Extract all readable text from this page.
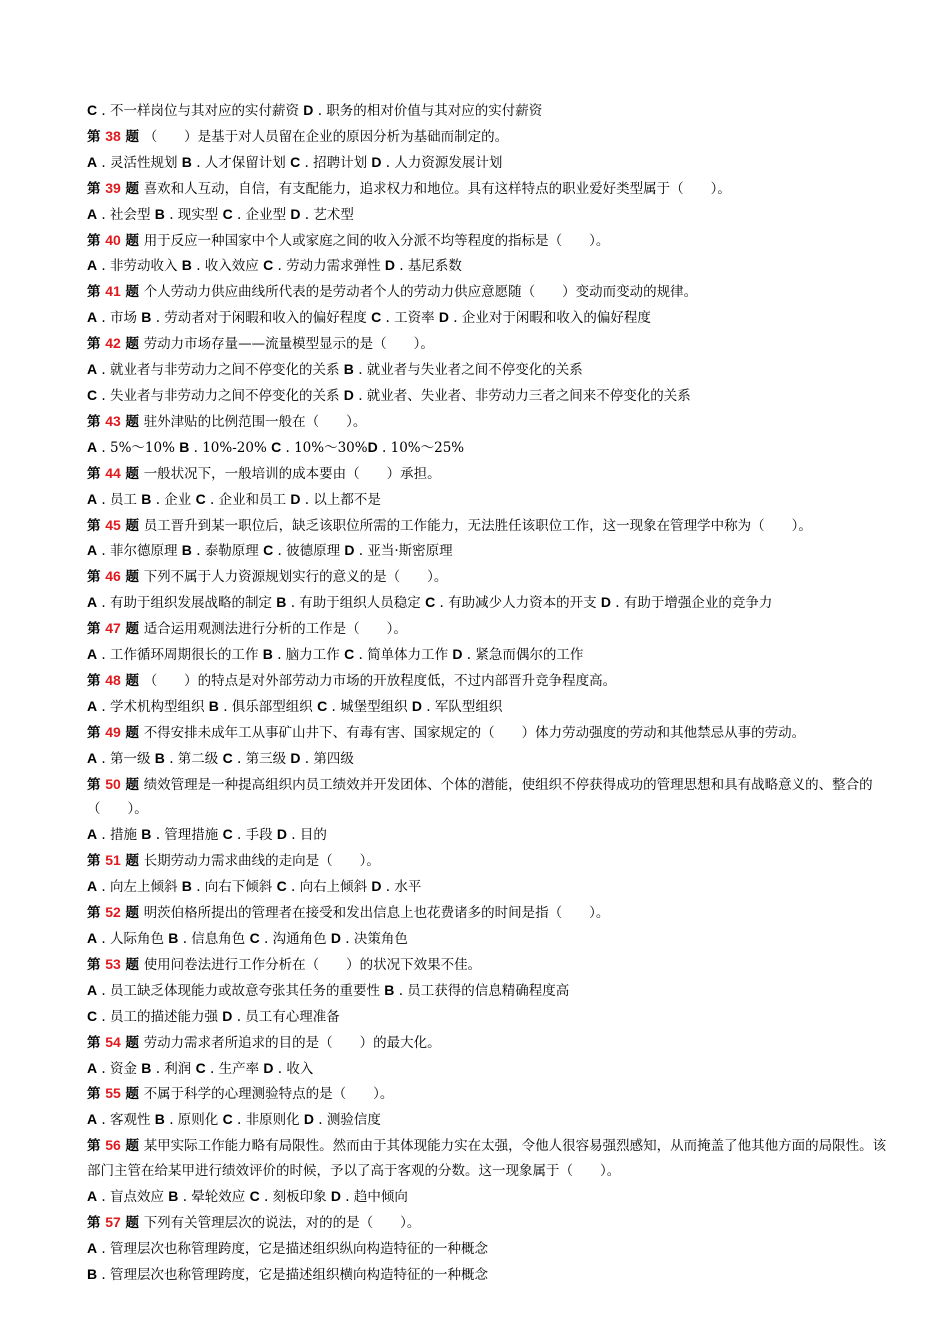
C . 不一样岗位与其对应的实付薪资 D . 职务的相对价值与其对应的实付薪资
第 38 题 （　　）是基于对人员留在企业的原因分析为基础而制定的。
A . 灵活性规划 B . 人才保留计划 C . 招聘计划 D . 人力资源发展计划
第 39 题 喜欢和人互动，自信，有支配能力，追求权力和地位。具有这样特点的职业爱好类型属于（　　）。
A . 社会型 B . 现实型 C . 企业型 D . 艺术型
第 40 题 用于反应一种国家中个人或家庭之间的收入分派不均等程度的指标是（　　）。
A . 非劳动收入 B . 收入效应 C . 劳动力需求弹性 D . 基尼系数
第 41 题 个人劳动力供应曲线所代表的是劳动者个人的劳动力供应意愿随（　　）变动而变动的规律。
A . 市场 B . 劳动者对于闲暇和收入的偏好程度 C . 工资率 D . 企业对于闲暇和收入的偏好程度
第 42 题 劳动力市场存量——流量模型显示的是（　　）。
A . 就业者与非劳动力之间不停变化的关系 B . 就业者与失业者之间不停变化的关系
C . 失业者与非劳动力之间不停变化的关系 D . 就业者、失业者、非劳动力三者之间来不停变化的关系
第 43 题 驻外津贴的比例范围一般在（　　）。
A . 5%～10% B . 10%-20% C . 10%～30%D . 10%～25%
第 44 题 一般状况下，一般培训的成本要由（　　）承担。
A . 员工 B . 企业 C . 企业和员工 D . 以上都不是
第 45 题 员工晋升到某一职位后，缺乏该职位所需的工作能力，无法胜任该职位工作，这一现象在管理学中称为（　　）。
A . 菲尔德原理 B . 泰勒原理 C . 彼德原理 D . 亚当·斯密原理
第 46 题 下列不属于人力资源规划实行的意义的是（　　）。
A . 有助于组织发展战略的制定 B . 有助于组织人员稳定 C . 有助减少人力资本的开支 D . 有助于增强企业的竞争力
第 47 题 适合运用观测法进行分析的工作是（　　）。
A . 工作循环周期很长的工作 B . 脑力工作 C . 简单体力工作 D . 紧急而偶尔的工作
第 48 题 （　　）的特点是对外部劳动力市场的开放程度低，不过内部晋升竞争程度高。
A . 学术机构型组织 B . 俱乐部型组织 C . 城堡型组织 D . 军队型组织
第 49 题 不得安排未成年工从事矿山井下、有毒有害、国家规定的（　　）体力劳动强度的劳动和其他禁忌从事的劳动。
A . 第一级 B . 第二级 C . 第三级 D . 第四级
第 50 题 绩效管理是一种提高组织内员工绩效并开发团体、个体的潜能，使组织不停获得成功的管理思想和具有战略意义的、整合的（　　）。
A . 措施 B . 管理措施 C . 手段 D . 目的
第 51 题 长期劳动力需求曲线的走向是（　　）。
A . 向左上倾斜 B . 向右下倾斜 C . 向右上倾斜 D . 水平
第 52 题 明茨伯格所提出的管理者在接受和发出信息上也花费诸多的时间是指（　　）。
A . 人际角色 B . 信息角色 C . 沟通角色 D . 决策角色
第 53 题 使用问卷法进行工作分析在（　　）的状况下效果不佳。
A . 员工缺乏体现能力或故意夸张其任务的重要性 B . 员工获得的信息精确程度高
C . 员工的描述能力强 D . 员工有心理准备
第 54 题 劳动力需求者所追求的目的是（　　）的最大化。
A . 资金 B . 利润 C . 生产率 D . 收入
第 55 题 不属于科学的心理测验特点的是（　　）。
A . 客观性 B . 原则化 C . 非原则化 D . 测验信度
第 56 题 某甲实际工作能力略有局限性。然而由于其体现能力实在太强，令他人很容易强烈感知，从而掩盖了他其他方面的局限性。该部门主管在给某甲进行绩效评价的时候，予以了高于客观的分数。这一现象属于（　　）。
A . 盲点效应 B . 晕轮效应 C . 刻板印象 D . 趋中倾向
第 57 题 下列有关管理层次的说法，对的的是（　　）。
A . 管理层次也称管理跨度，它是描述组织纵向构造特征的一种概念
B . 管理层次也称管理跨度，它是描述组织横向构造特征的一种概念
